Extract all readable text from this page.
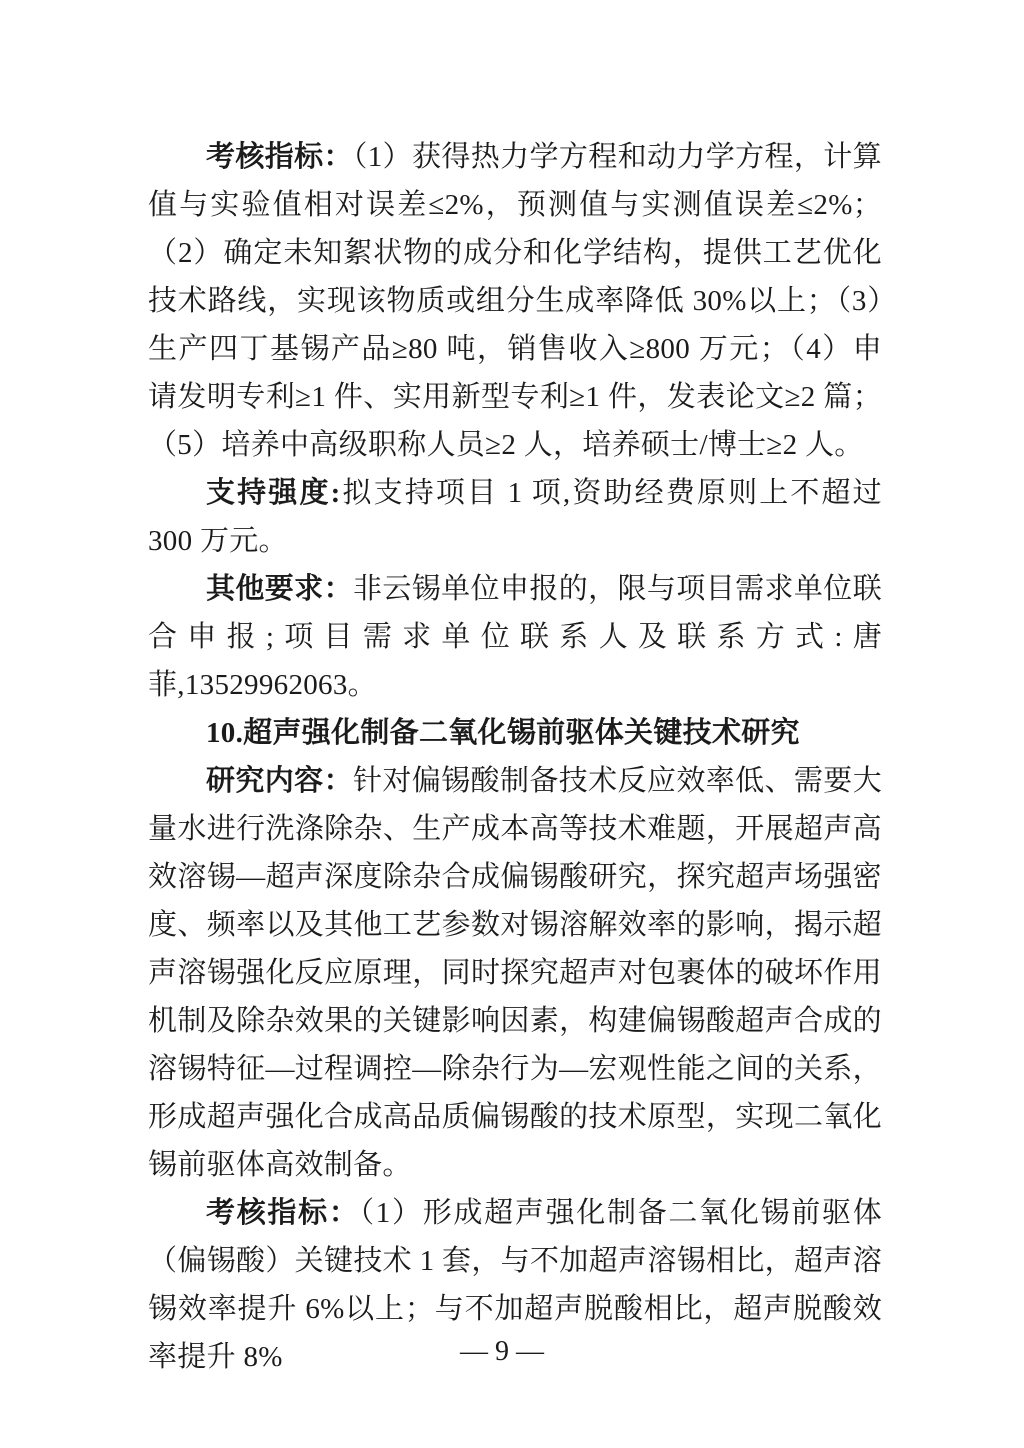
考核指标：（1）获得热力学方程和动力学方程，计算值与实验值相对误差≤2%，预测值与实测值误差≤2%；（2）确定未知絮状物的成分和化学结构，提供工艺优化技术路线，实现该物质或组分生成率降低 30%以上；（3）生产四丁基锡产品≥80 吨，销售收入≥800 万元；（4）申请发明专利≥1 件、实用新型专利≥1 件，发表论文≥2 篇；（5）培养中高级职称人员≥2 人，培养硕士/博士≥2 人。

支持强度:拟支持项目 1 项,资助经费原则上不超过 300 万元。

其他要求：非云锡单位申报的，限与项目需求单位联合申报;项目需求单位联系人及联系方式:唐菲,13529962063。

10.超声强化制备二氧化锡前驱体关键技术研究

研究内容：针对偏锡酸制备技术反应效率低、需要大量水进行洗涤除杂、生产成本高等技术难题，开展超声高效溶锡—超声深度除杂合成偏锡酸研究，探究超声场强密度、频率以及其他工艺参数对锡溶解效率的影响，揭示超声溶锡强化反应原理，同时探究超声对包裹体的破坏作用机制及除杂效果的关键影响因素，构建偏锡酸超声合成的溶锡特征—过程调控—除杂行为—宏观性能之间的关系，形成超声强化合成高品质偏锡酸的技术原型，实现二氧化锡前驱体高效制备。

考核指标：（1）形成超声强化制备二氧化锡前驱体（偏锡酸）关键技术 1 套，与不加超声溶锡相比，超声溶锡效率提升 6%以上；与不加超声脱酸相比，超声脱酸效率提升 8%	— 9 —
